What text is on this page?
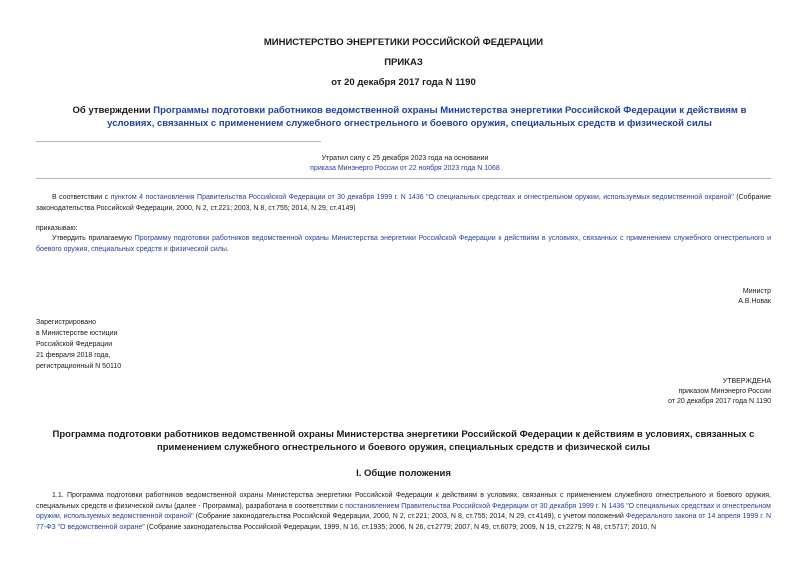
МИНИСТЕРСТВО ЭНЕРГЕТИКИ РОССИЙСКОЙ ФЕДЕРАЦИИ
ПРИКАЗ
от 20 декабря 2017 года N 1190
Об утверждении Программы подготовки работников ведомственной охраны Министерства энергетики Российской Федерации к действиям в условиях, связанных с применением служебного огнестрельного и боевого оружия, специальных средств и физической силы
Утратил силу с 25 декабря 2023 года на основании
приказа Минэнерго России от 22 ноября 2023 года N 1068
В соответствии с пунктом 4 постановления Правительства Российской Федерации от 30 декабря 1999 г. N 1436 "О специальных средствах и огнестрельном оружии, используемых ведомственной охраной" (Собрание законодательства Российской Федерации, 2000, N 2, ст.221; 2003, N 8, ст.755; 2014, N 29, ст.4149)
приказываю:
Утвердить прилагаемую Программу подготовки работников ведомственной охраны Министерства энергетики Российской Федерации к действиям в условиях, связанных с применением служебного огнестрельного и боевого оружия, специальных средств и физической силы.
Министр
А.В.Новак
Зарегистрировано
в Министерстве юстиции
Российской Федерации
21 февраля 2018 года,
регистрационный N 50110
УТВЕРЖДЕНА
приказом Минэнерго России
от 20 декабря 2017 года N 1190
Программа подготовки работников ведомственной охраны Министерства энергетики Российской Федерации к действиям в условиях, связанных с применением служебного огнестрельного и боевого оружия, специальных средств и физической силы
I. Общие положения
1.1. Программа подготовки работников ведомственной охраны Министерства энергетики Российской Федерации к действиям в условиях, связанных с применением служебного огнестрельного и боевого оружия, специальных средств и физической силы (далее - Программа), разработана в соответствии с постановлением Правительства Российской Федерации от 30 декабря 1999 г. N 1436 "О специальных средствах и огнестрельном оружии, используемых ведомственной охраной" (Собрание законодательства Российской Федерации, 2000, N 2, ст.221; 2003, N 8, ст.755; 2014, N 29, ст.4149), с учетом положений Федерального закона от 14 апреля 1999 г. N 77-ФЗ "О ведомственной охране" (Собрание законодательства Российской Федерации, 1999, N 16, ст.1935; 2006, N 26, ст.2779; 2007, N 49, ст.6079; 2009, N 19, ст.2279; N 48, ст.5717; 2010, N
